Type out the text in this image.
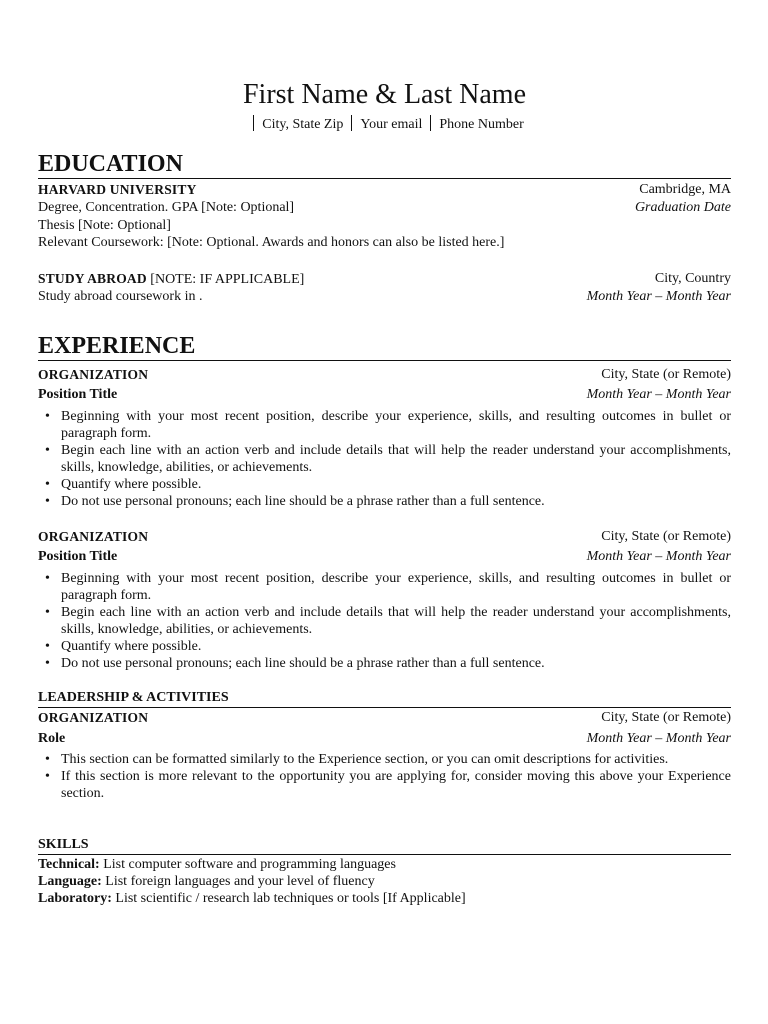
First Name & Last Name
City, State Zip Your email Phone Number
EDUCATION
HARVARD UNIVERSITY	Cambridge, MA
Degree, Concentration. GPA [Note: Optional]	Graduation Date
Thesis [Note: Optional]
Relevant Coursework: [Note: Optional. Awards and honors can also be listed here.]
STUDY ABROAD [NOTE: IF APPLICABLE]	City, Country
Study abroad coursework in .	Month Year – Month Year
EXPERIENCE
ORGANIZATION	City, State (or Remote)
Position Title	Month Year – Month Year
• Beginning with your most recent position, describe your experience, skills, and resulting outcomes in bullet or paragraph form.
• Begin each line with an action verb and include details that will help the reader understand your accomplishments, skills, knowledge, abilities, or achievements.
• Quantify where possible.
• Do not use personal pronouns; each line should be a phrase rather than a full sentence.
ORGANIZATION	City, State (or Remote)
Position Title	Month Year – Month Year
• Beginning with your most recent position, describe your experience, skills, and resulting outcomes in bullet or paragraph form.
• Begin each line with an action verb and include details that will help the reader understand your accomplishments, skills, knowledge, abilities, or achievements.
• Quantify where possible.
• Do not use personal pronouns; each line should be a phrase rather than a full sentence.
LEADERSHIP & ACTIVITIES
ORGANIZATION	City, State (or Remote)
Role	Month Year – Month Year
• This section can be formatted similarly to the Experience section, or you can omit descriptions for activities.
• If this section is more relevant to the opportunity you are applying for, consider moving this above your Experience section.
SKILLS
Technical: List computer software and programming languages
Language: List foreign languages and your level of fluency
Laboratory: List scientific / research lab techniques or tools [If Applicable]
